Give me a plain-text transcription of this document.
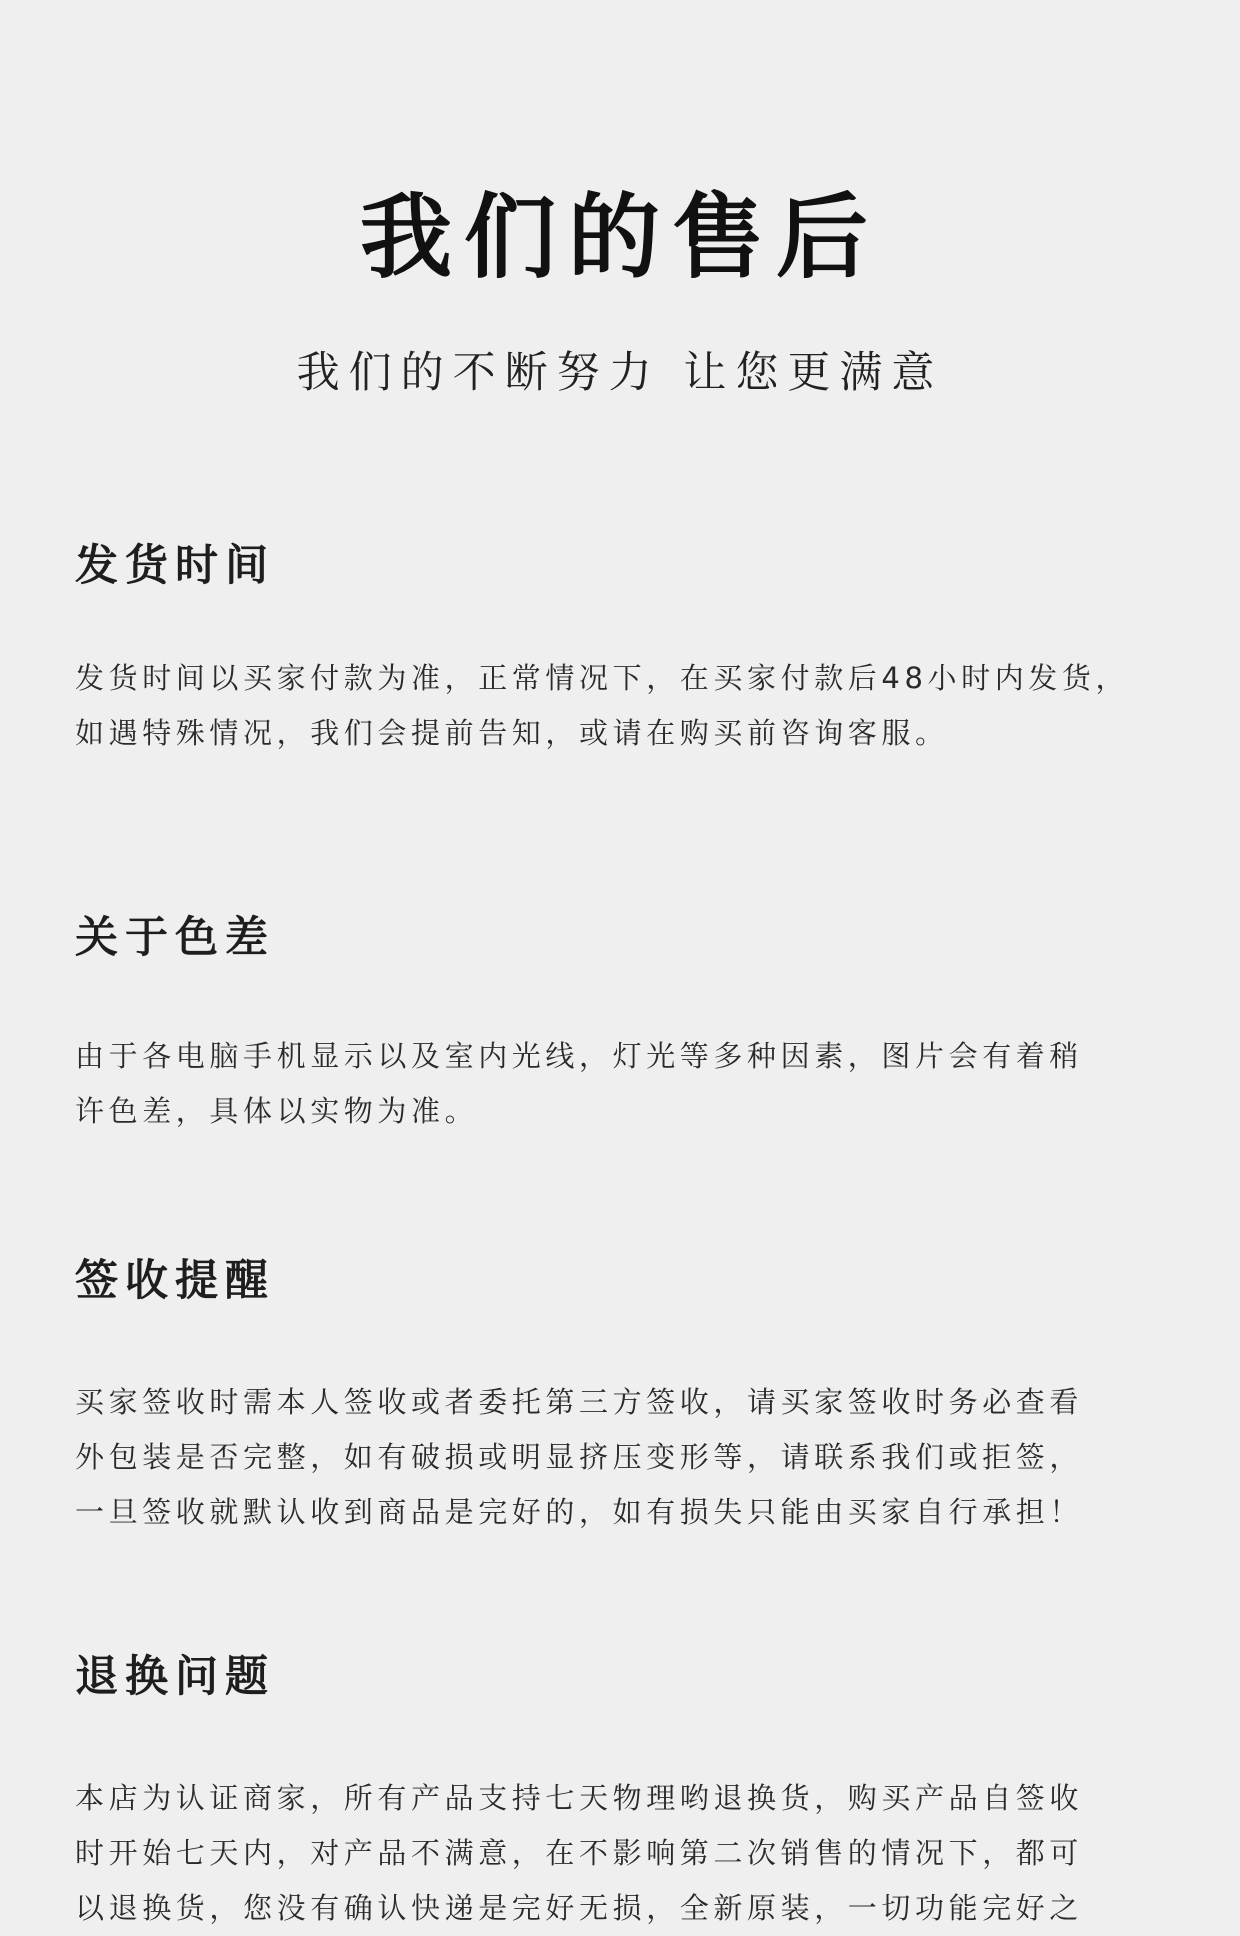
我们的售后
我们的不断努力 让您更满意
发货时间
发货时间以买家付款为准，正常情况下，在买家付款后48小时内发货，
如遇特殊情况，我们会提前告知，或请在购买前咨询客服。
关于色差
由于各电脑手机显示以及室内光线，灯光等多种因素，图片会有着稍
许色差，具体以实物为准。
签收提醒
买家签收时需本人签收或者委托第三方签收，请买家签收时务必查看
外包装是否完整，如有破损或明显挤压变形等，请联系我们或拒签，
一旦签收就默认收到商品是完好的，如有损失只能由买家自行承担！
退换问题
本店为认证商家，所有产品支持七天物理哟退换货，购买产品自签收
时开始七天内，对产品不满意，在不影响第二次销售的情况下，都可
以退换货，您没有确认快递是完好无损，全新原装，一切功能完好之
